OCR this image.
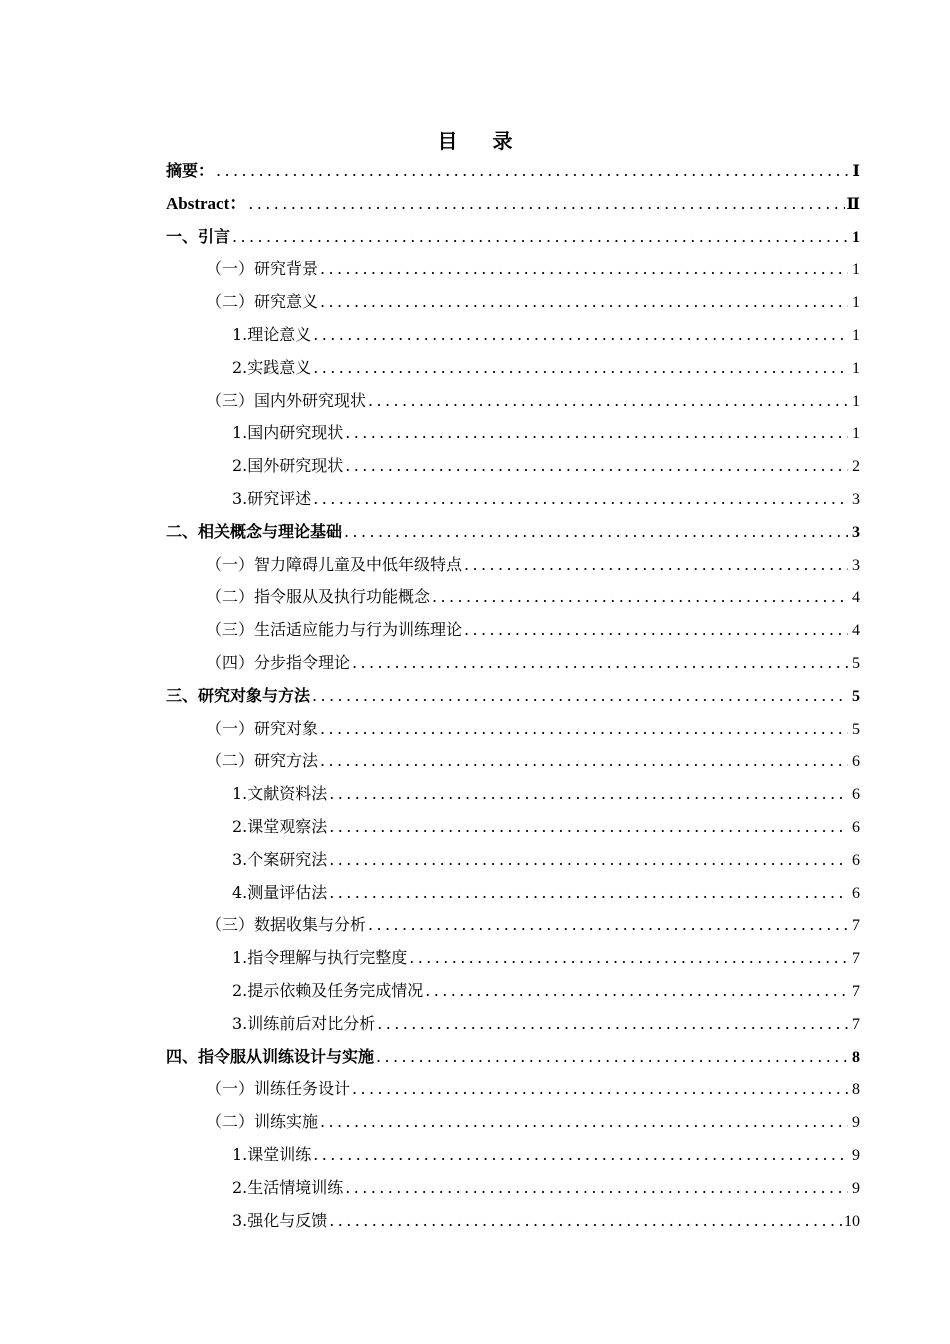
目 录
摘要： .....	Ⅰ
Abstract： .....	Ⅱ
一、引言 .....	1
（一）研究背景 .....	1
（二）研究意义 .....	1
1.理论意义 .....	1
2.实践意义 .....	1
（三）国内外研究现状 .....	1
1.国内研究现状 .....	1
2.国外研究现状 .....	2
3.研究评述 .....	3
二、相关概念与理论基础 .....	3
（一）智力障碍儿童及中低年级特点 .....	3
（二）指令服从及执行功能概念 .....	4
（三）生活适应能力与行为训练理论 .....	4
（四）分步指令理论 .....	5
三、研究对象与方法 .....	5
（一）研究对象 .....	5
（二）研究方法 .....	6
1.文献资料法 .....	6
2.课堂观察法 .....	6
3.个案研究法 .....	6
4.测量评估法 .....	6
（三）数据收集与分析 .....	7
1.指令理解与执行完整度 .....	7
2.提示依赖及任务完成情况 .....	7
3.训练前后对比分析 .....	7
四、指令服从训练设计与实施 .....	8
（一）训练任务设计 .....	8
（二）训练实施 .....	9
1.课堂训练 .....	9
2.生活情境训练 .....	9
3.强化与反馈 .....	10
